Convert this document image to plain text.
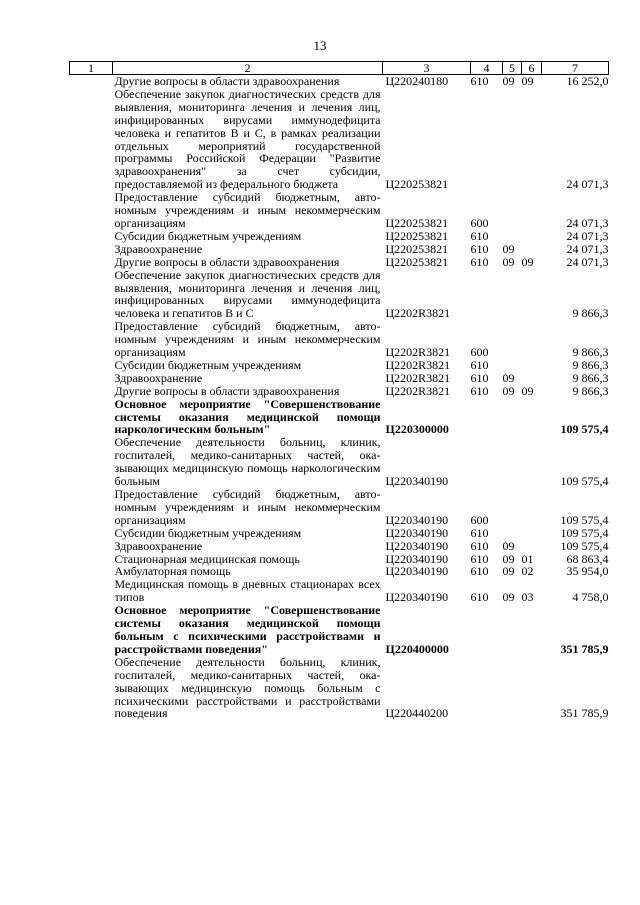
13
1	2	3	4	5	6	7
	Другие вопросы в области здравоохранения	Ц220240180	610	09	09	16 252,0
	Обеспечение закупок диагностических средств для выявления, мониторинга лечения и лечения лиц, инфицированных вирусами иммунодефицита человека и гепатитов В и С, в рамках реализации отдельных мероприятий государственной программы Российской Федерации "Развитие здравоохранения" за счет субсидии, предоставляемой из федерального бюджета	Ц220253821				24 071,3
	Предоставление субсидий бюджетным, автономным учреждениям и иным некоммерческим организациям	Ц220253821	600			24 071,3
	Субсидии бюджетным учреждениям	Ц220253821	610			24 071,3
	Здравоохранение	Ц220253821	610	09		24 071,3
	Другие вопросы в области здравоохранения	Ц220253821	610	09	09	24 071,3
	Обеспечение закупок диагностических средств для выявления, мониторинга лечения и лечения лиц, инфицированных вирусами иммунодефицита человека и гепатитов В и С	Ц2202R3821				9 866,3
	Предоставление субсидий бюджетным, автономным учреждениям и иным некоммерческим организациям	Ц2202R3821	600			9 866,3
	Субсидии бюджетным учреждениям	Ц2202R3821	610			9 866,3
	Здравоохранение	Ц2202R3821	610	09		9 866,3
	Другие вопросы в области здравоохранения	Ц2202R3821	610	09	09	9 866,3
	Основное мероприятие "Совершенствование системы оказания медицинской помощи наркологическим больным"	Ц220300000				109 575,4
	Обеспечение деятельности больниц, клиник, госпиталей, медико-санитарных частей, оказывающих медицинскую помощь наркологическим больным	Ц220340190				109 575,4
	Предоставление субсидий бюджетным, автономным учреждениям и иным некоммерческим организациям	Ц220340190	600			109 575,4
	Субсидии бюджетным учреждениям	Ц220340190	610			109 575,4
	Здравоохранение	Ц220340190	610	09		109 575,4
	Стационарная медицинская помощь	Ц220340190	610	09	01	68 863,4
	Амбулаторная помощь	Ц220340190	610	09	02	35 954,0
	Медицинская помощь в дневных стационарах всех типов	Ц220340190	610	09	03	4 758,0
	Основное мероприятие "Совершенствование системы оказания медицинской помощи больным с психическими расстройствами и расстройствами поведения"	Ц220400000				351 785,9
	Обеспечение деятельности больниц, клиник, госпиталей, медико-санитарных частей, оказывающих медицинскую помощь больным с психическими расстройствами и расстройствами поведения	Ц220440200				351 785,9
